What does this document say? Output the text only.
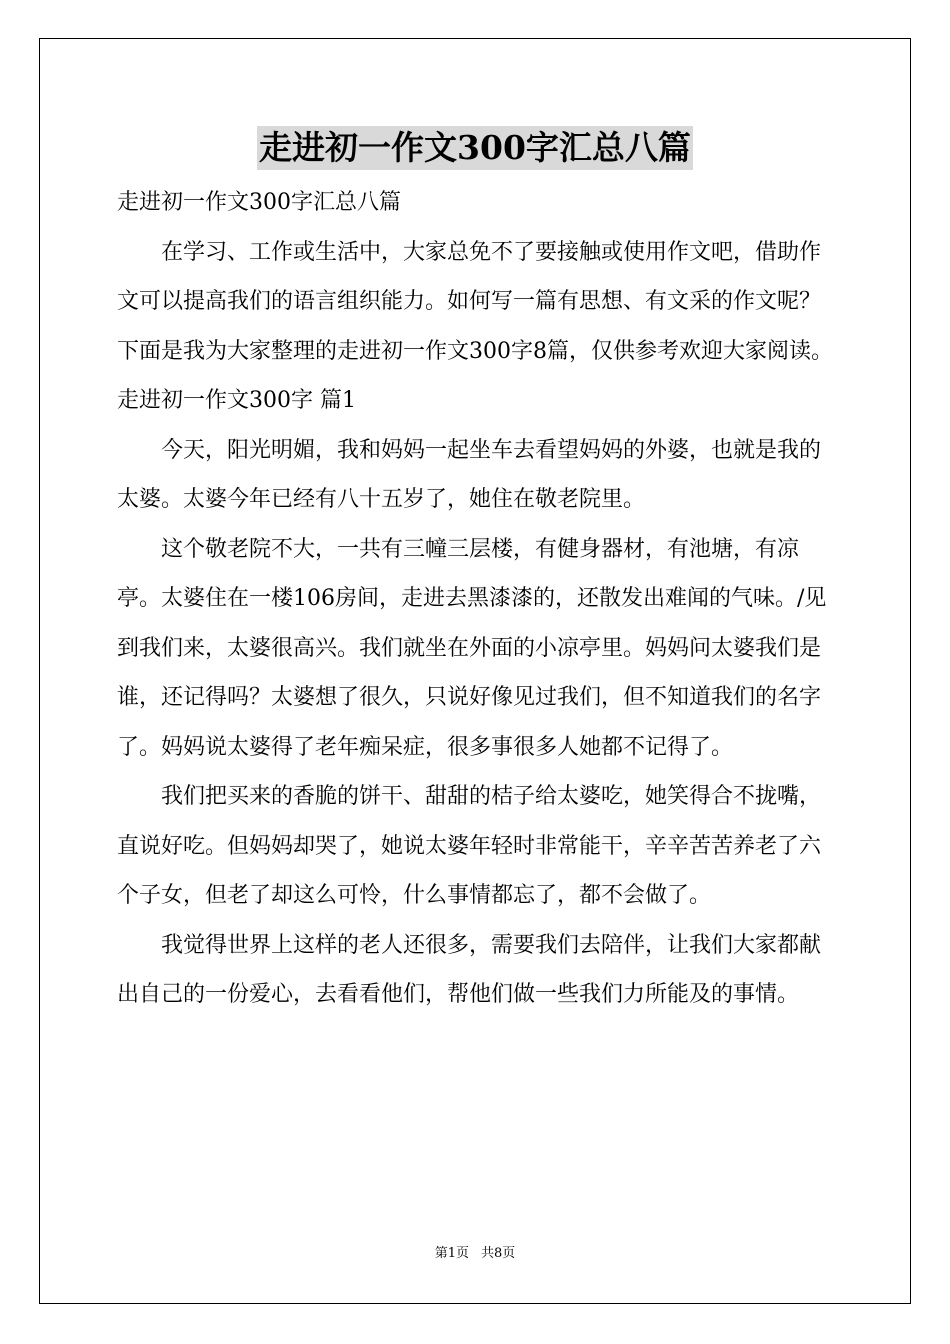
走进初一作文300字汇总八篇

走进初一作文300字汇总八篇

在学习、工作或生活中，大家总免不了要接触或使用作文吧，借助作文可以提高我们的语言组织能力。如何写一篇有思想、有文采的作文呢？下面是我为大家整理的走进初一作文300字8篇，仅供参考欢迎大家阅读。

走进初一作文300字 篇1

今天，阳光明媚，我和妈妈一起坐车去看望妈妈的外婆，也就是我的太婆。太婆今年已经有八十五岁了，她住在敬老院里。

这个敬老院不大，一共有三幢三层楼，有健身器材，有池塘，有凉亭。太婆住在一楼106房间，走进去黑漆漆的，还散发出难闻的气味。/见到我们来，太婆很高兴。我们就坐在外面的小凉亭里。妈妈问太婆我们是谁，还记得吗？太婆想了很久，只说好像见过我们，但不知道我们的名字了。妈妈说太婆得了老年痴呆症，很多事很多人她都不记得了。

我们把买来的香脆的饼干、甜甜的桔子给太婆吃，她笑得合不拢嘴，直说好吃。但妈妈却哭了，她说太婆年轻时非常能干，辛辛苦苦养老了六个子女，但老了却这么可怜，什么事情都忘了，都不会做了。

我觉得世界上这样的老人还很多，需要我们去陪伴，让我们大家都献出自己的一份爱心，去看看他们，帮他们做一些我们力所能及的事情。

第1页 共8页
